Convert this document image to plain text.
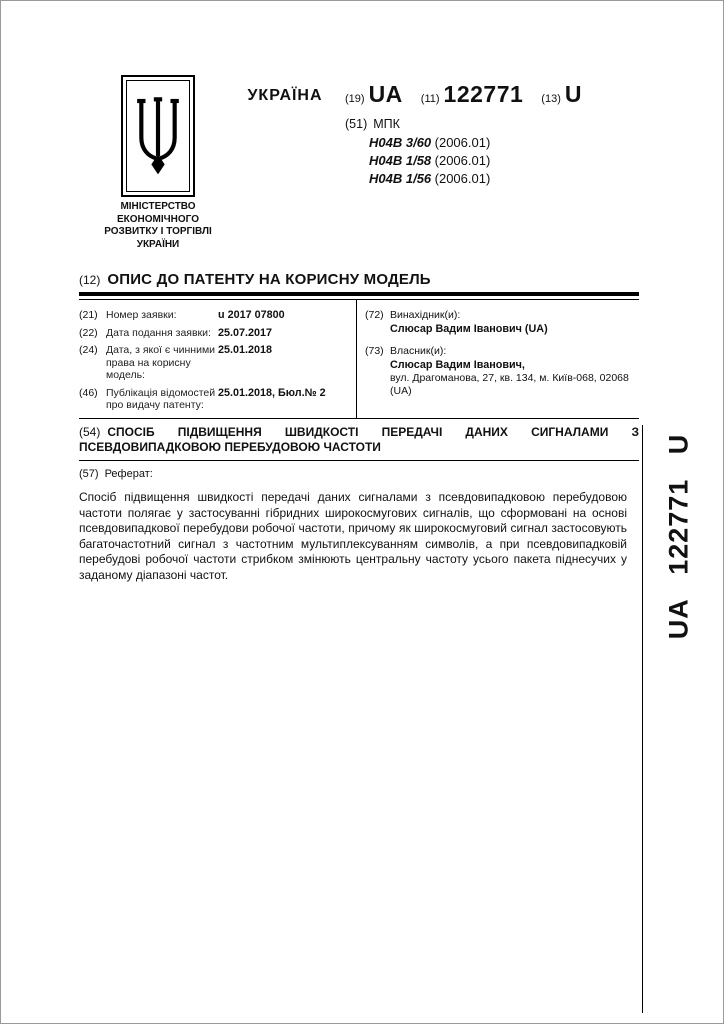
УКРАЇНА	(19) UA (11) 122771 (13) U
(51) МПК
H04B 3/60 (2006.01)
H04B 1/58 (2006.01)
H04B 1/56 (2006.01)
МІНІСТЕРСТВО
ЕКОНОМІЧНОГО
РОЗВИТКУ І ТОРГІВЛІ
УКРАЇНИ
(12) ОПИС ДО ПАТЕНТУ НА КОРИСНУ МОДЕЛЬ
(21) Номер заявки:	u 2017 07800
(22) Дата подання заявки: 25.07.2017
(24) Дата, з якої є чинними права на корисну модель:
25.01.2018
(46) Публікація відомостей про видачу патенту:
25.01.2018, Бюл.№ 2
(72) Винахідник(и):
Слюсар Вадим Іванович (UA)
(73) Власник(и):
Слюсар Вадим Іванович,
вул. Драгоманова, 27, кв. 134, м. Київ-068, 02068 (UA)
(54) СПОСІБ ПІДВИЩЕННЯ ШВИДКОСТІ ПЕРЕДАЧІ ДАНИХ СИГНАЛАМИ З ПСЕВДОВИПАДКОВОЮ ПЕРЕБУДОВОЮ ЧАСТОТИ
(57) Реферат:
Спосіб підвищення швидкості передачі даних сигналами з псевдовипадковою перебудовою частоти полягає у застосуванні гібридних широкосмугових сигналів, що сформовані на основі псевдовипадкової перебудови робочої частоти, причому як широкосмуговий сигнал застосовують багаточастотний сигнал з частотним мультиплексуванням символів, а при псевдовипадковій перебудові робочої частоти стрибком змінюють центральну частоту усього пакета піднесучих у заданому діапазоні частот.	UA 122771 U
